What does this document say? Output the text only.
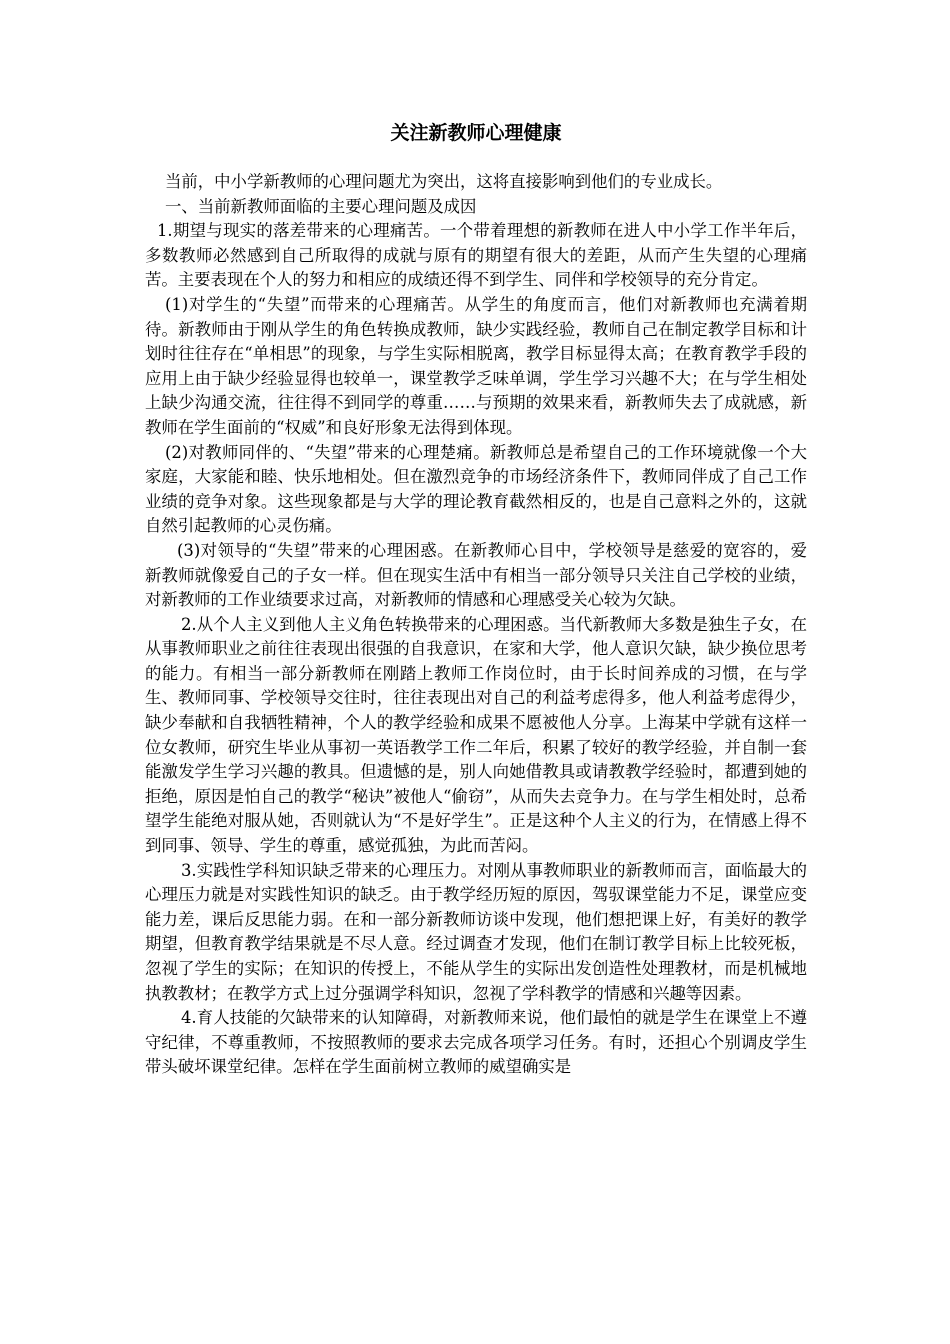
关注新教师心理健康

当前，中小学新教师的心理问题尤为突出，这将直接影响到他们的专业成长。

一、当前新教师面临的主要心理问题及成因

1.期望与现实的落差带来的心理痛苦。一个带着理想的新教师在进人中小学工作半年后，多数教师必然感到自己所取得的成就与原有的期望有很大的差距，从而产生失望的心理痛苦。主要表现在个人的努力和相应的成绩还得不到学生、同伴和学校领导的充分肯定。

(1)对学生的“失望”而带来的心理痛苦。从学生的角度而言，他们对新教师也充满着期待。新教师由于刚从学生的角色转换成教师，缺少实践经验，教师自己在制定教学目标和计划时往往存在“单相思”的现象，与学生实际相脱离，教学目标显得太高；在教育教学手段的应用上由于缺少经验显得也较单一，课堂教学乏味单调，学生学习兴趣不大；在与学生相处上缺少沟通交流，往往得不到同学的尊重……与预期的效果来看，新教师失去了成就感，新教师在学生面前的“权威”和良好形象无法得到体现。

(2)对教师同伴的、“失望”带来的心理楚痛。新教师总是希望自己的工作环境就像一个大家庭，大家能和睦、快乐地相处。但在激烈竞争的市场经济条件下，教师同伴成了自己工作业绩的竞争对象。这些现象都是与大学的理论教育截然相反的，也是自己意料之外的，这就自然引起教师的心灵伤痛。

(3)对领导的“失望”带来的心理困惑。在新教师心目中，学校领导是慈爱的宽容的，爱新教师就像爱自己的子女一样。但在现实生活中有相当一部分领导只关注自己学校的业绩，对新教师的工作业绩要求过高，对新教师的情感和心理感受关心较为欠缺。

2.从个人主义到他人主义角色转换带来的心理困惑。当代新教师大多数是独生子女，在从事教师职业之前往往表现出很强的自我意识，在家和大学，他人意识欠缺，缺少换位思考的能力。有相当一部分新教师在刚踏上教师工作岗位时，由于长时间养成的习惯，在与学生、教师同事、学校领导交往时，往往表现出对自己的利益考虑得多，他人利益考虑得少，缺少奉献和自我牺牲精神，个人的教学经验和成果不愿被他人分享。上海某中学就有这样一位女教师，研究生毕业从事初一英语教学工作二年后，积累了较好的教学经验，并自制一套能激发学生学习兴趣的教具。但遗憾的是，别人向她借教具或请教教学经验时，都遭到她的拒绝，原因是怕自己的教学“秘诀”被他人“偷窃”，从而失去竞争力。在与学生相处时，总希望学生能绝对服从她，否则就认为“不是好学生”。正是这种个人主义的行为，在情感上得不到同事、领导、学生的尊重，感觉孤独，为此而苦闷。

3.实践性学科知识缺乏带来的心理压力。对刚从事教师职业的新教师而言，面临最大的心理压力就是对实践性知识的缺乏。由于教学经历短的原因，驾驭课堂能力不足，课堂应变能力差，课后反思能力弱。在和一部分新教师访谈中发现，他们想把课上好，有美好的教学期望，但教育教学结果就是不尽人意。经过调查才发现，他们在制订教学目标上比较死板，忽视了学生的实际；在知识的传授上，不能从学生的实际出发创造性处理教材，而是机械地执教教材；在教学方式上过分强调学科知识，忽视了学科教学的情感和兴趣等因素。

4.育人技能的欠缺带来的认知障碍，对新教师来说，他们最怕的就是学生在课堂上不遵守纪律，不尊重教师，不按照教师的要求去完成各项学习任务。有时，还担心个别调皮学生带头破坏课堂纪律。怎样在学生面前树立教师的威望确实是
